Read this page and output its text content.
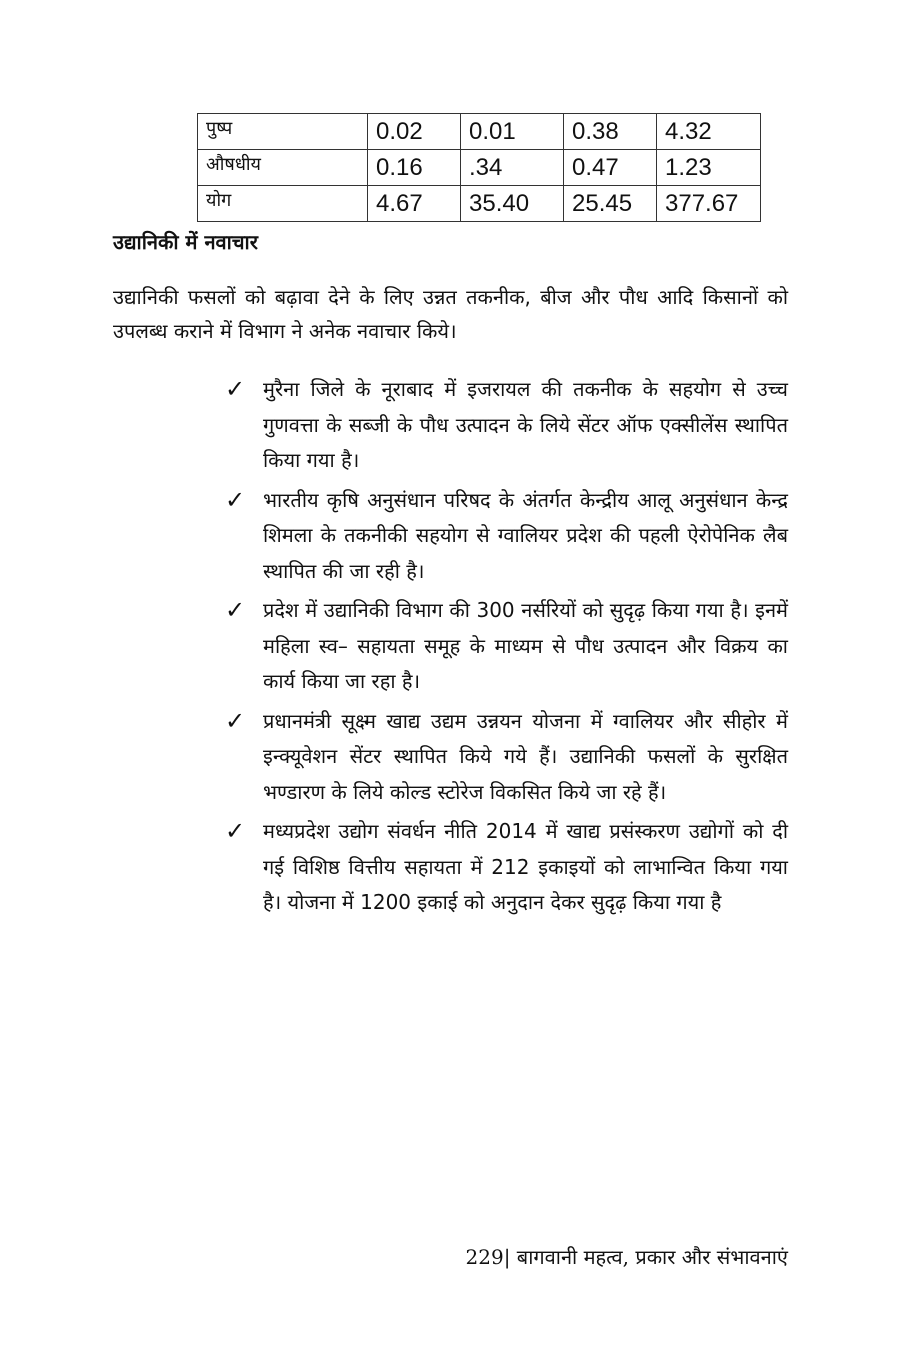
पुष्प	0.02	0.01	0.38	4.32
औषधीय	0.16	.34	0.47	1.23
योग	4.67	35.40	25.45	377.67
उद्यानिकी में नवाचार

उद्यानिकी फसलों को बढ़ावा देने के लिए उन्नत तकनीक, बीज और पौध आदि किसानों को उपलब्ध कराने में विभाग ने अनेक नवाचार किये।

✓ मुरैना जिले के नूराबाद में इजरायल की तकनीक के सहयोग से उच्च गुणवत्ता के सब्जी के पौध उत्पादन के लिये सेंटर ऑफ एक्सीलेंस स्थापित किया गया है।

✓ भारतीय कृषि अनुसंधान परिषद के अंतर्गत केन्द्रीय आलू अनुसंधान केन्द्र शिमला के तकनीकी सहयोग से ग्वालियर प्रदेश की पहली ऐरोपेनिक लैब स्थापित की जा रही है।

✓ प्रदेश में उद्यानिकी विभाग की 300 नर्सरियों को सुदृढ़ किया गया है। इनमें महिला स्व– सहायता समूह के माध्यम से पौध उत्पादन और विक्रय का कार्य किया जा रहा है।

✓ प्रधानमंत्री सूक्ष्म खाद्य उद्यम उन्नयन योजना में ग्वालियर और सीहोर में इन्क्यूवेशन सेंटर स्थापित किये गये हैं। उद्यानिकी फसलों के सुरक्षित भण्डारण के लिये कोल्ड स्टोरेज विकसित किये जा रहे हैं।

✓ मध्यप्रदेश उद्योग संवर्धन नीति 2014 में खाद्य प्रसंस्करण उद्योगों को दी गई विशिष्ठ वित्तीय सहायता में 212 इकाइयों को लाभान्वित किया गया है। योजना में 1200 इकाई को अनुदान देकर सुदृढ़ किया गया है

229| बागवानी महत्व, प्रकार और संभावनाएं
